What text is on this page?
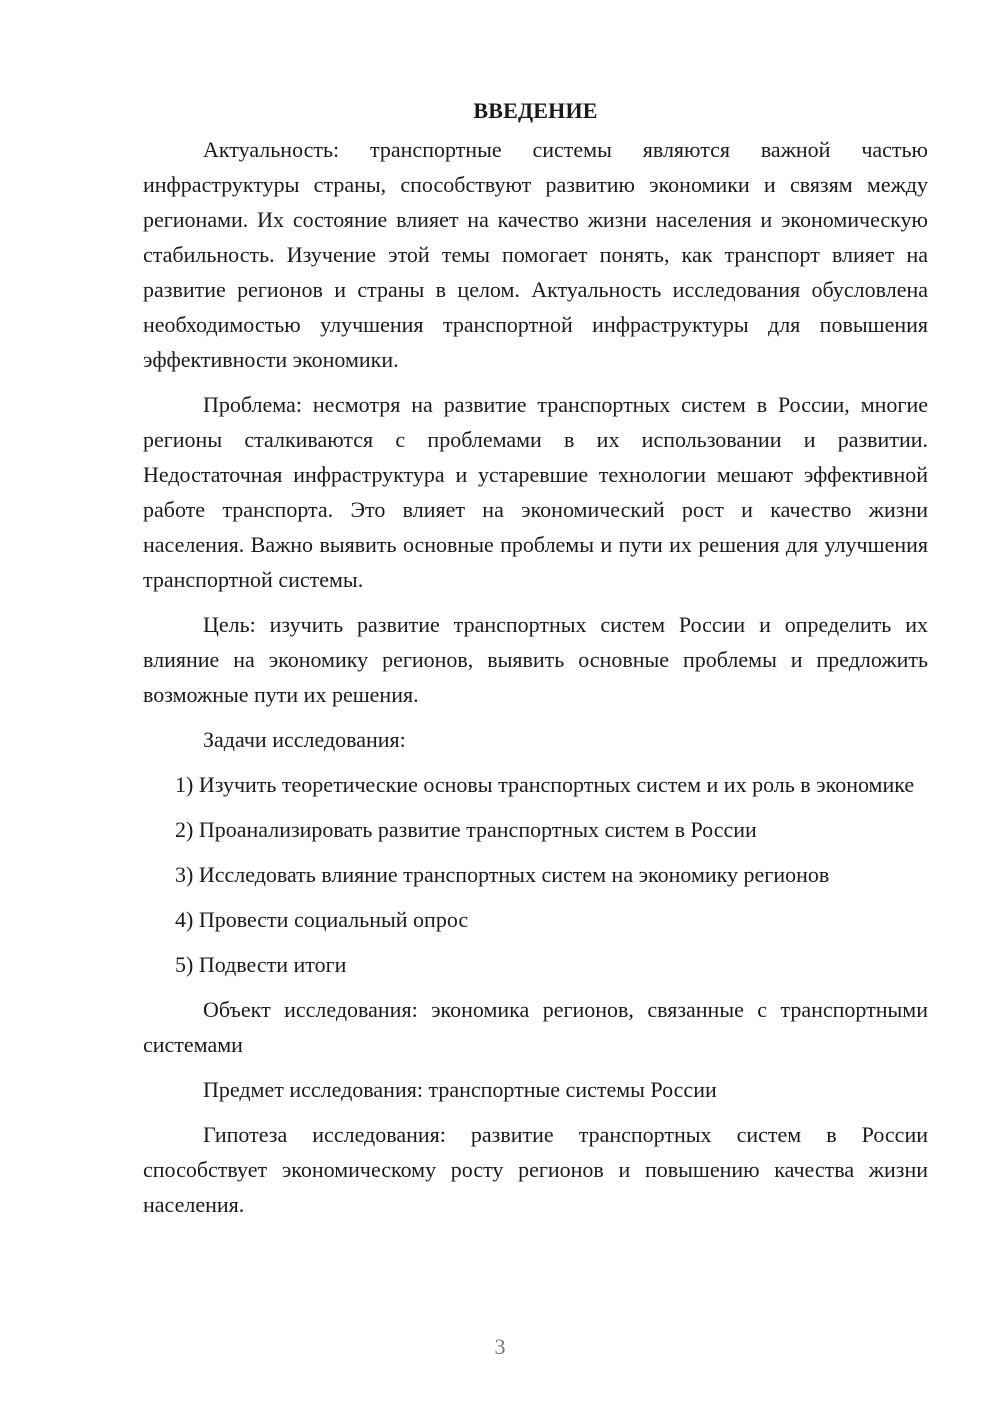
ВВЕДЕНИЕ

Актуальность: транспортные системы являются важной частью инфраструктуры страны, способствуют развитию экономики и связям между регионами. Их состояние влияет на качество жизни населения и экономическую стабильность. Изучение этой темы помогает понять, как транспорт влияет на развитие регионов и страны в целом. Актуальность исследования обусловлена необходимостью улучшения транспортной инфраструктуры для повышения эффективности экономики.

Проблема: несмотря на развитие транспортных систем в России, многие регионы сталкиваются с проблемами в их использовании и развитии. Недостаточная инфраструктура и устаревшие технологии мешают эффективной работе транспорта. Это влияет на экономический рост и качество жизни населения. Важно выявить основные проблемы и пути их решения для улучшения транспортной системы.

Цель: изучить развитие транспортных систем России и определить их влияние на экономику регионов, выявить основные проблемы и предложить возможные пути их решения.

Задачи исследования:

1) Изучить теоретические основы транспортных систем и их роль в экономике

2) Проанализировать развитие транспортных систем в России

3) Исследовать влияние транспортных систем на экономику регионов

4) Провести социальный опрос

5) Подвести итоги

Объект исследования: экономика регионов, связанные с транспортными системами

Предмет исследования: транспортные системы России

Гипотеза исследования: развитие транспортных систем в России способствует экономическому росту регионов и повышению качества жизни населения.

3
